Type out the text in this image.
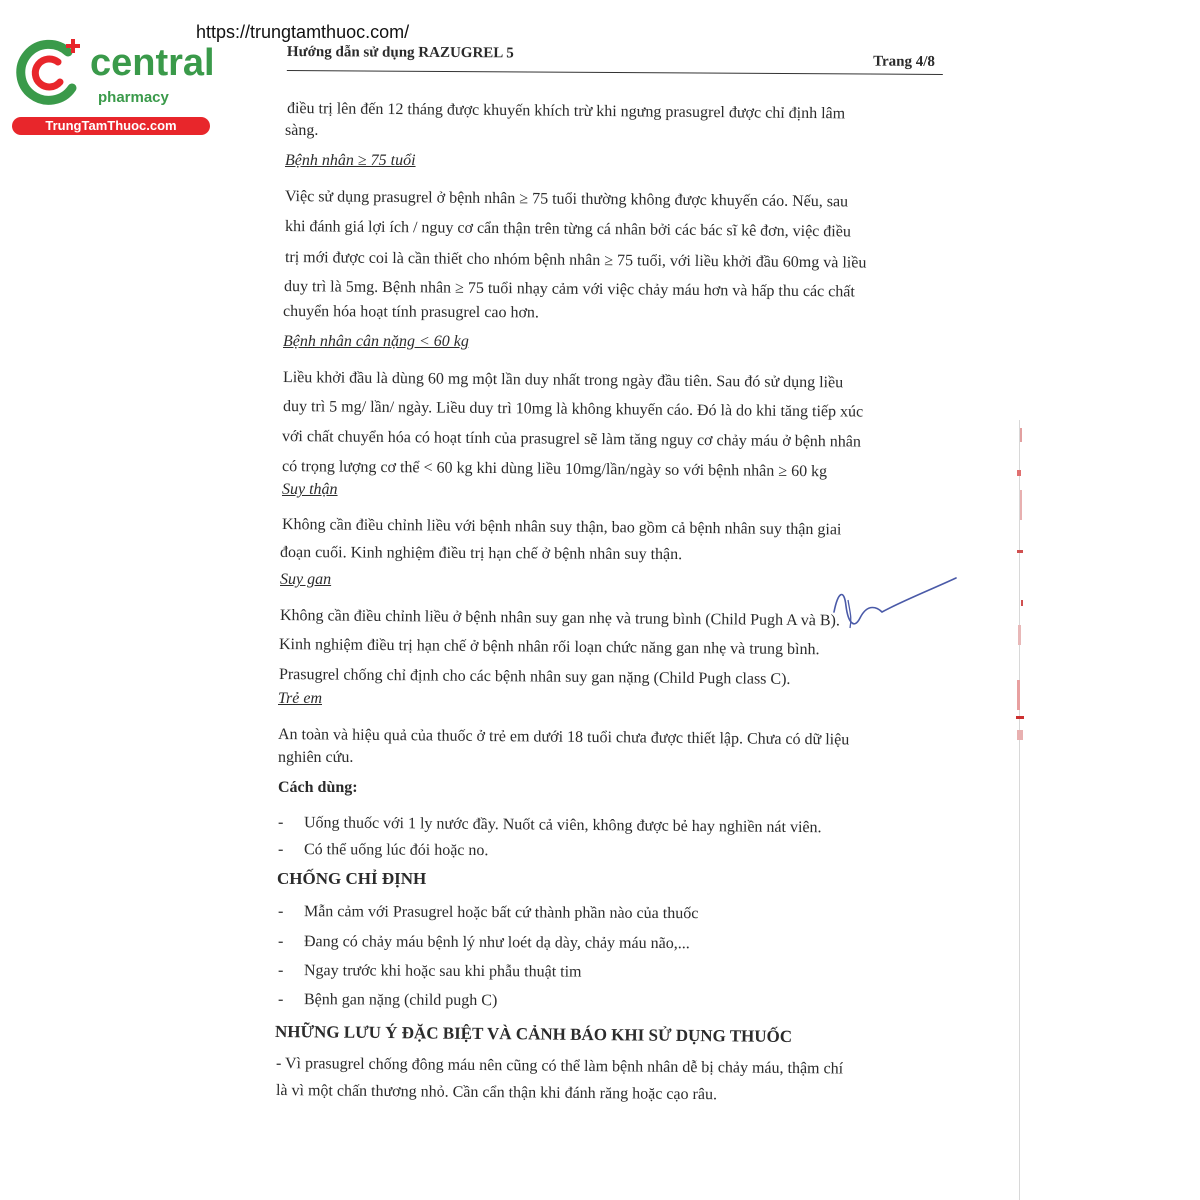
https://trungtamthuoc.com/
central
pharmacy
TrungTamThuoc.com
Hướng dẫn sử dụng RAZUGREL 5
Trang 4/8
điều trị lên đến 12 tháng được khuyến khích trừ khi ngưng prasugrel được chỉ định lâm
sàng.
Bệnh nhân ≥ 75 tuổi
Việc sử dụng prasugrel ở bệnh nhân ≥ 75 tuổi thường không được khuyến cáo. Nếu, sau
khi đánh giá lợi ích / nguy cơ cẩn thận trên từng cá nhân bởi các bác sĩ kê đơn, việc điều
trị mới được coi là cần thiết cho nhóm bệnh nhân ≥ 75 tuổi, với liều khởi đầu 60mg và liều
duy trì là 5mg. Bệnh nhân ≥ 75 tuổi nhạy cảm với việc chảy máu hơn và hấp thu các chất
chuyển hóa hoạt tính prasugrel cao hơn.
Bệnh nhân cân nặng < 60 kg
Liều khởi đầu là dùng 60 mg một lần duy nhất trong ngày đầu tiên. Sau đó sử dụng liều
duy trì 5 mg/ lần/ ngày. Liều duy trì 10mg là không khuyến cáo. Đó là do khi tăng tiếp xúc
với chất chuyển hóa có hoạt tính của prasugrel sẽ làm tăng nguy cơ chảy máu ở bệnh nhân
có trọng lượng cơ thể < 60 kg khi dùng liều 10mg/lần/ngày so với bệnh nhân ≥ 60 kg
Suy thận
Không cần điều chỉnh liều với bệnh nhân suy thận, bao gồm cả bệnh nhân suy thận giai
đoạn cuối. Kinh nghiệm điều trị hạn chế ở bệnh nhân suy thận.
Suy gan
Không cần điều chỉnh liều ở bệnh nhân suy gan nhẹ và trung bình (Child Pugh A và B).
Kinh nghiệm điều trị hạn chế ở bệnh nhân rối loạn chức năng gan nhẹ và trung bình.
Prasugrel chống chỉ định cho các bệnh nhân suy gan nặng (Child Pugh class C).
Trẻ em
An toàn và hiệu quả của thuốc ở trẻ em dưới 18 tuổi chưa được thiết lập. Chưa có dữ liệu
nghiên cứu.
Cách dùng:
- Uống thuốc với 1 ly nước đầy. Nuốt cả viên, không được bẻ hay nghiền nát viên.
- Có thể uống lúc đói hoặc no.
CHỐNG CHỈ ĐỊNH
- Mẫn cảm với Prasugrel hoặc bất cứ thành phần nào của thuốc
- Đang có chảy máu bệnh lý như loét dạ dày, chảy máu não,...
- Ngay trước khi hoặc sau khi phẫu thuật tim
- Bệnh gan nặng (child pugh C)
NHỮNG LƯU Ý ĐẶC BIỆT VÀ CẢNH BÁO KHI SỬ DỤNG THUỐC
- Vì prasugrel chống đông máu nên cũng có thể làm bệnh nhân dễ bị chảy máu, thậm chí
là vì một chấn thương nhỏ. Cần cẩn thận khi đánh răng hoặc cạo râu.
